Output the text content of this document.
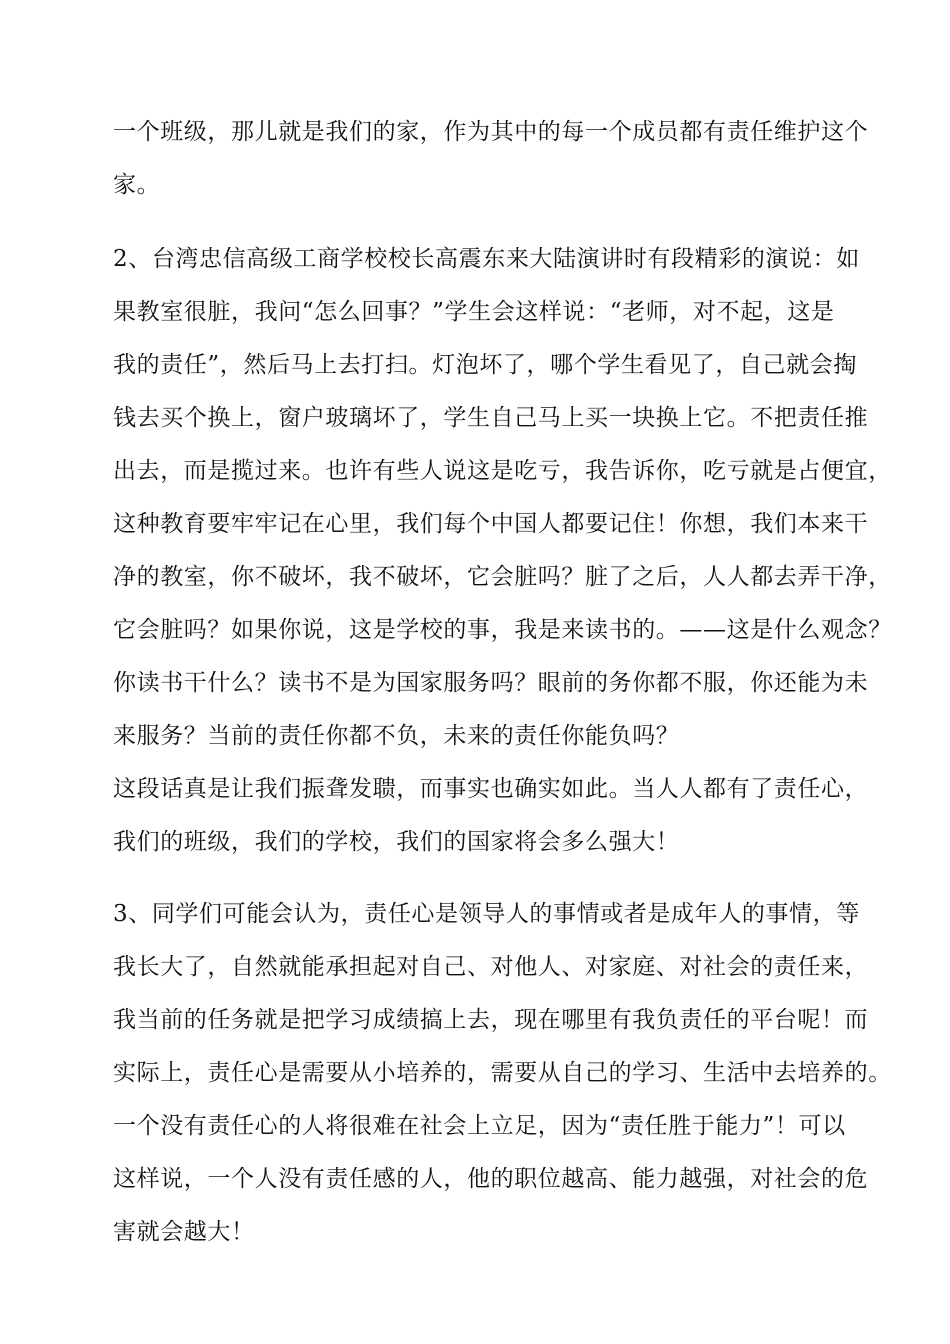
一个班级，那儿就是我们的家，作为其中的每一个成员都有责任维护这个
家。
2、台湾忠信高级工商学校校长高震东来大陆演讲时有段精彩的演说：如
果教室很脏，我问“怎么回事？”学生会这样说：“老师，对不起，这是
我的责任”，然后马上去打扫。灯泡坏了，哪个学生看见了，自己就会掏
钱去买个换上，窗户玻璃坏了，学生自己马上买一块换上它。不把责任推
出去，而是揽过来。也许有些人说这是吃亏，我告诉你，吃亏就是占便宜，
这种教育要牢牢记在心里，我们每个中国人都要记住！你想，我们本来干
净的教室，你不破坏，我不破坏，它会脏吗？脏了之后，人人都去弄干净，
它会脏吗？如果你说，这是学校的事，我是来读书的。——这是什么观念？
你读书干什么？读书不是为国家服务吗？眼前的务你都不服，你还能为未
来服务？当前的责任你都不负，未来的责任你能负吗？
这段话真是让我们振聋发聩，而事实也确实如此。当人人都有了责任心，
我们的班级，我们的学校，我们的国家将会多么强大！
3、同学们可能会认为，责任心是领导人的事情或者是成年人的事情，等
我长大了，自然就能承担起对自己、对他人、对家庭、对社会的责任来，
我当前的任务就是把学习成绩搞上去，现在哪里有我负责任的平台呢！而
实际上，责任心是需要从小培养的，需要从自己的学习、生活中去培养的。
一个没有责任心的人将很难在社会上立足，因为“责任胜于能力”！可以
这样说，一个人没有责任感的人，他的职位越高、能力越强，对社会的危
害就会越大！
